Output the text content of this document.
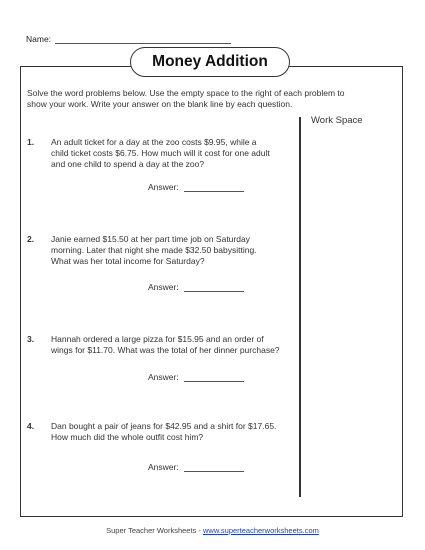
Name:
Money Addition
Solve the word problems below. Use the empty space to the right of each problem to
show your work. Write your answer on the blank line by each question.
Work Space
1. An adult ticket for a day at the zoo costs $9.95, while a
child ticket costs $6.75. How much will it cost for one adult
and one child to spend a day at the zoo?
Answer:
2. Janie earned $15.50 at her part time job on Saturday
morning. Later that night she made $32.50 babysitting.
What was her total income for Saturday?
Answer:
3. Hannah ordered a large pizza for $15.95 and an order of
wings for $11.70. What was the total of her dinner purchase?
Answer:
4. Dan bought a pair of jeans for $42.95 and a shirt for $17.65.
How much did the whole outfit cost him?
Answer:
Super Teacher Worksheets - www.superteacherworksheets.com
